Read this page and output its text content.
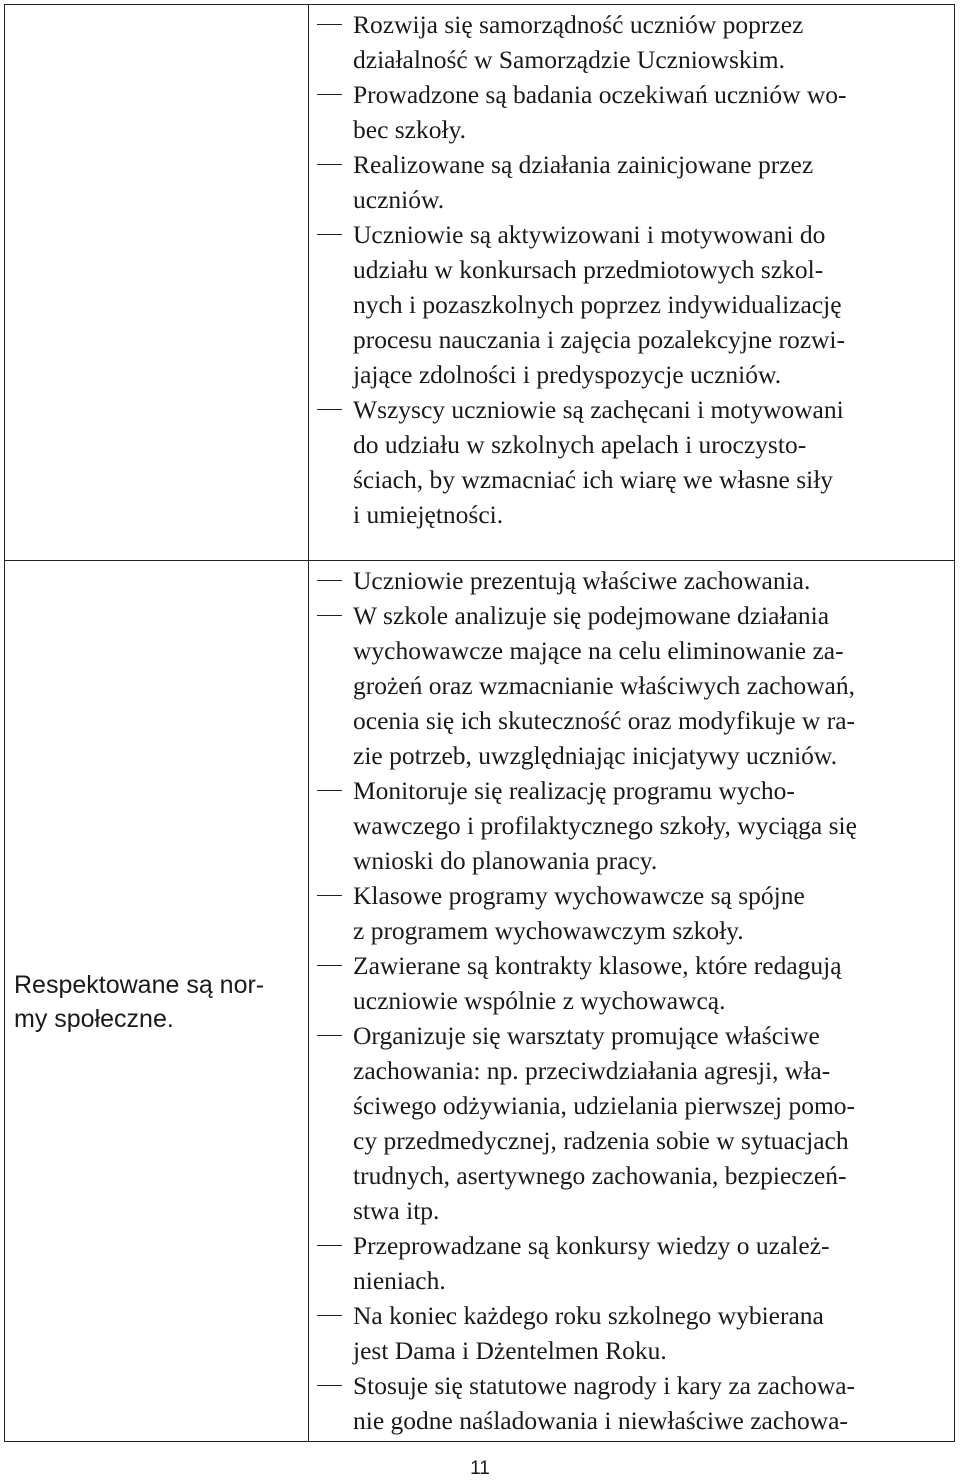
Rozwija się samorządność uczniów poprzez
działalność w Samorządzie Uczniowskim.
Prowadzone są badania oczekiwań uczniów wo-
bec szkoły.
Realizowane są działania zainicjowane przez
uczniów.
Uczniowie są aktywizowani i motywowani do
udziału w konkursach przedmiotowych szkol-
nych i pozaszkolnych poprzez indywidualizację
procesu nauczania i zajęcia pozalekcyjne rozwi-
jające zdolności i predyspozycje uczniów.
Wszyscy uczniowie są zachęcani i motywowani
do udziału w szkolnych apelach i uroczysto-
ściach, by wzmacniać ich wiarę we własne siły
i umiejętności.
Respektowane są nor-
my społeczne.
Uczniowie prezentują właściwe zachowania.
W szkole analizuje się podejmowane działania
wychowawcze mające na celu eliminowanie za-
grożeń oraz wzmacnianie właściwych zachowań,
ocenia się ich skuteczność oraz modyfikuje w ra-
zie potrzeb, uwzględniając inicjatywy uczniów.
Monitoruje się realizację programu wycho-
wawczego i profilaktycznego szkoły, wyciąga się
wnioski do planowania pracy.
Klasowe programy wychowawcze są spójne
z programem wychowawczym szkoły.
Zawierane są kontrakty klasowe, które redagują
uczniowie wspólnie z wychowawcą.
Organizuje się warsztaty promujące właściwe
zachowania: np. przeciwdziałania agresji, wła-
ściwego odżywiania, udzielania pierwszej pomo-
cy przedmedycznej, radzenia sobie w sytuacjach
trudnych, asertywnego zachowania, bezpieczeń-
stwa itp.
Przeprowadzane są konkursy wiedzy o uzależ-
nieniach.
Na koniec każdego roku szkolnego wybierana
jest Dama i Dżentelmen Roku.
Stosuje się statutowe nagrody i kary za zachowa-
nie godne naśladowania i niewłaściwe zachowa-
11
